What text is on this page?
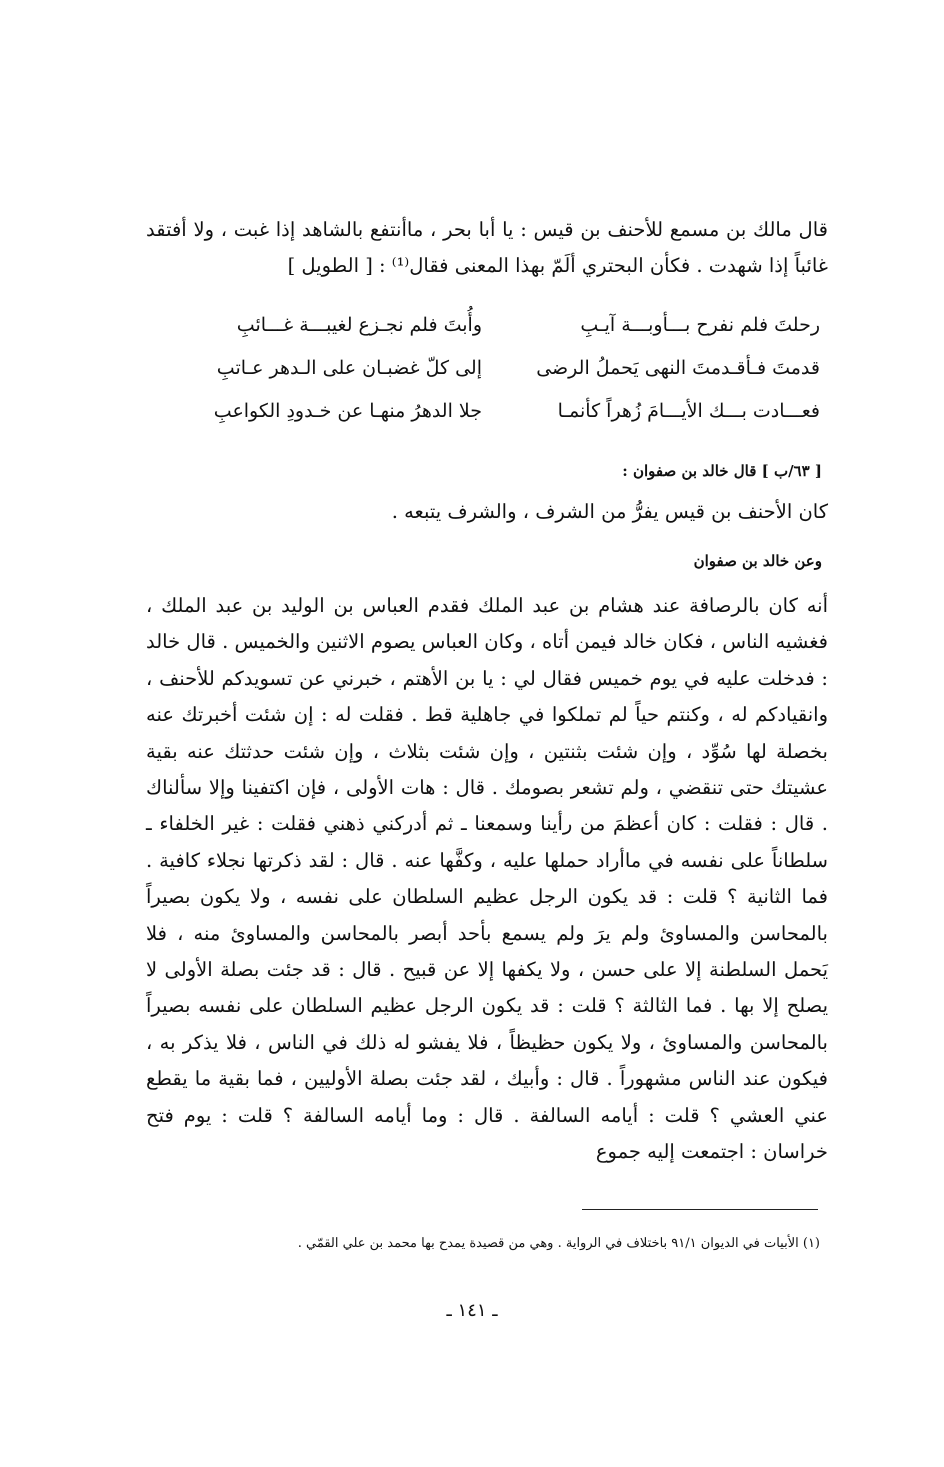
قال مالك بن مسمع للأحنف بن قيس : يا أبا بحر ، ماأنتفع بالشاهد إذا غبت ، ولا أفتقد غائباً إذا شهدت . فكأن البحتري ألَمّ بهذا المعنى فقال⁽¹⁾ : [ الطويل ]

رحلتَ فلم نفرح بـــأوبـــة آيـبِ
وأُبتَ فلم نجـزع لغيبـــة غـــائبِ
قدمتَ فـأقـدمتَ النهى يَحملُ الرضى
إلى كلّ غضبـان على الـدهر عـاتبِ
فعـــادت بـــك الأيـــامَ زُهراً كأنمـا
جلا الدهرُ منهـا عن خـدودِ الكواعبِ
[ ٦٣/ب ] قال خالد بن صفوان :

كان الأحنف بن قيس يفرُّ من الشرف ، والشرف يتبعه .

وعن خالد بن صفوان

أنه كان بالرصافة عند هشام بن عبد الملك فقدم العباس بن الوليد بن عبد الملك ، فغشيه الناس ، فكان خالد فيمن أتاه ، وكان العباس يصوم الاثنين والخميس . قال خالد : فدخلت عليه في يوم خميس فقال لي : يا بن الأهتم ، خبرني عن تسويدكم للأحنف ، وانقيادكم له ، وكنتم حياً لم تملكوا في جاهلية قط . فقلت له : إن شئت أخبرتك عنه بخصلة لها سُوِّد ، وإن شئت بثنتين ، وإن شئت بثلاث ، وإن شئت حدثتك عنه بقية عشيتك حتى تنقضي ، ولم تشعر بصومك . قال : هات الأولى ، فإن اكتفينا وإلا سألناك . قال : فقلت : كان أعظمَ من رأينا وسمعنا ـ ثم أدركني ذهني فقلت : غير الخلفاء ـ سلطاناً على نفسه في ماأراد حملها عليه ، وكفَّها عنه . قال : لقد ذكرتها نجلاء كافية . فما الثانية ؟ قلت : قد يكون الرجل عظيم السلطان على نفسه ، ولا يكون بصيراً بالمحاسن والمساوئ ولم يرَ ولم يسمع بأحد أبصر بالمحاسن والمساوئ منه ، فلا يَحمل السلطنة إلا على حسن ، ولا يكفها إلا عن قبيح . قال : قد جئت بصلة الأولى لا يصلح إلا بها . فما الثالثة ؟ قلت : قد يكون الرجل عظيم السلطان على نفسه بصيراً بالمحاسن والمساوئ ، ولا يكون حظيظاً ، فلا يفشو له ذلك في الناس ، فلا يذكر به ، فيكون عند الناس مشهوراً . قال : وأبيك ، لقد جئت بصلة الأوليين ، فما بقية ما يقطع عني العشي ؟ قلت : أيامه السالفة . قال : وما أيامه السالفة ؟ قلت : يوم فتح خراسان : اجتمعت إليه جموع

(١) الأبيات في الديوان ٩١/١ باختلاف في الرواية . وهي من قصيدة يمدح بها محمد بن علي القمّي .
ـ ١٤١ ـ
